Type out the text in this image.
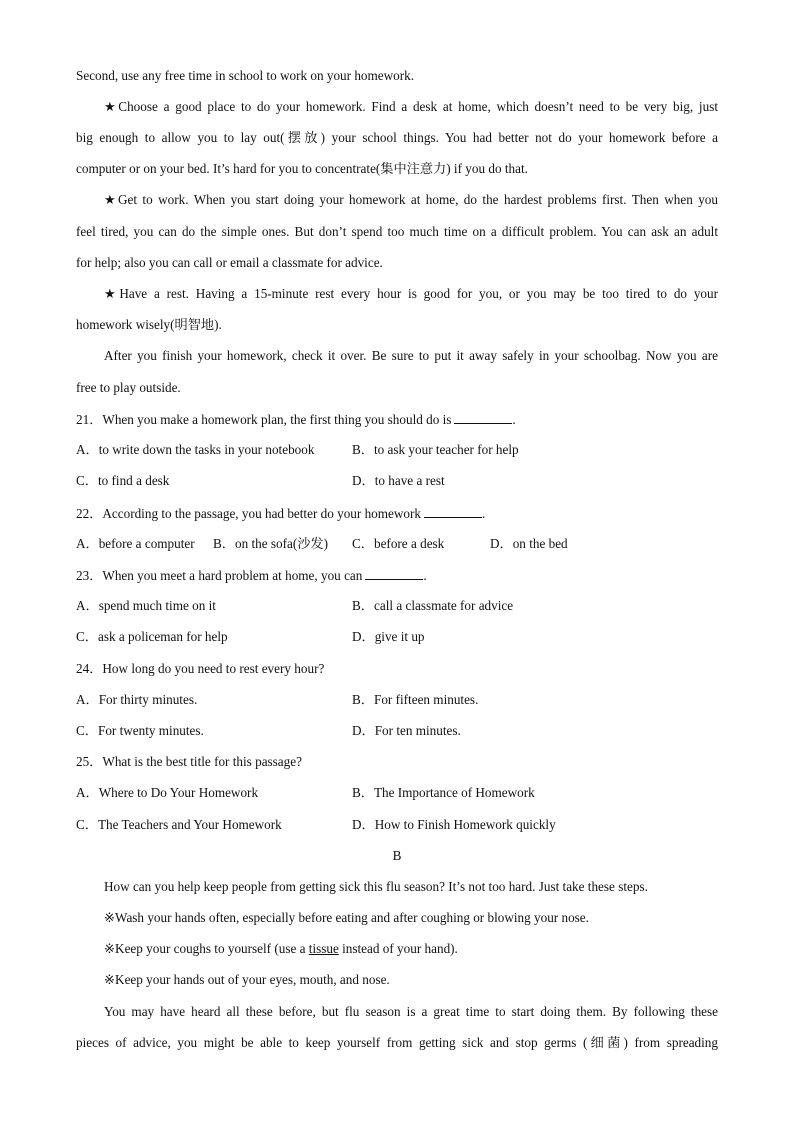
Second, use any free time in school to work on your homework.
★Choose a good place to do your homework. Find a desk at home, which doesn’t need to be very big, just
big enough to allow you to lay out(摆放) your school things. You had better not do your homework before a
computer or on your bed. It’s hard for you to concentrate(集中注意力) if you do that.
★Get to work. When you start doing your homework at home, do the hardest problems first. Then when you
feel tired, you can do the simple ones. But don’t spend too much time on a difficult problem. You can ask an adult
for help; also you can call or email a classmate for advice.
★Have a rest. Having a 15-minute rest every hour is good for you, or you may be too tired to do your
homework wisely(明智地).
After you finish your homework, check it over. Be sure to put it away safely in your schoolbag. Now you are
free to play outside.
21．When you make a homework plan, the first thing you should do is	.
A．to write down the tasks in your notebook	B．to ask your teacher for help
C．to find a desk	D．to have a rest
22．According to the passage, you had better do your homework	.
A．before a computer B．on the sofa(沙发) C．before a desk	D．on the bed
23．When you meet a hard problem at home, you can	.
A．spend much time on it	B．call a classmate for advice
C．ask a policeman for help	D．give it up
24．How long do you need to rest every hour?
A．For thirty minutes.	B．For fifteen minutes.
C．For twenty minutes.	D．For ten minutes.
25．What is the best title for this passage?
A．Where to Do Your Homework	B．The Importance of Homework
C．The Teachers and Your Homework	D．How to Finish Homework quickly
B
How can you help keep people from getting sick this flu season? It’s not too hard. Just take these steps.
※Wash your hands often, especially before eating and after coughing or blowing your nose.
※Keep your coughs to yourself (use a tissue instead of your hand).
※Keep your hands out of your eyes, mouth, and nose.
You may have heard all these before, but flu season is a great time to start doing them. By following these
pieces of advice, you might be able to keep yourself from getting sick and stop germs (细菌) from spreading
